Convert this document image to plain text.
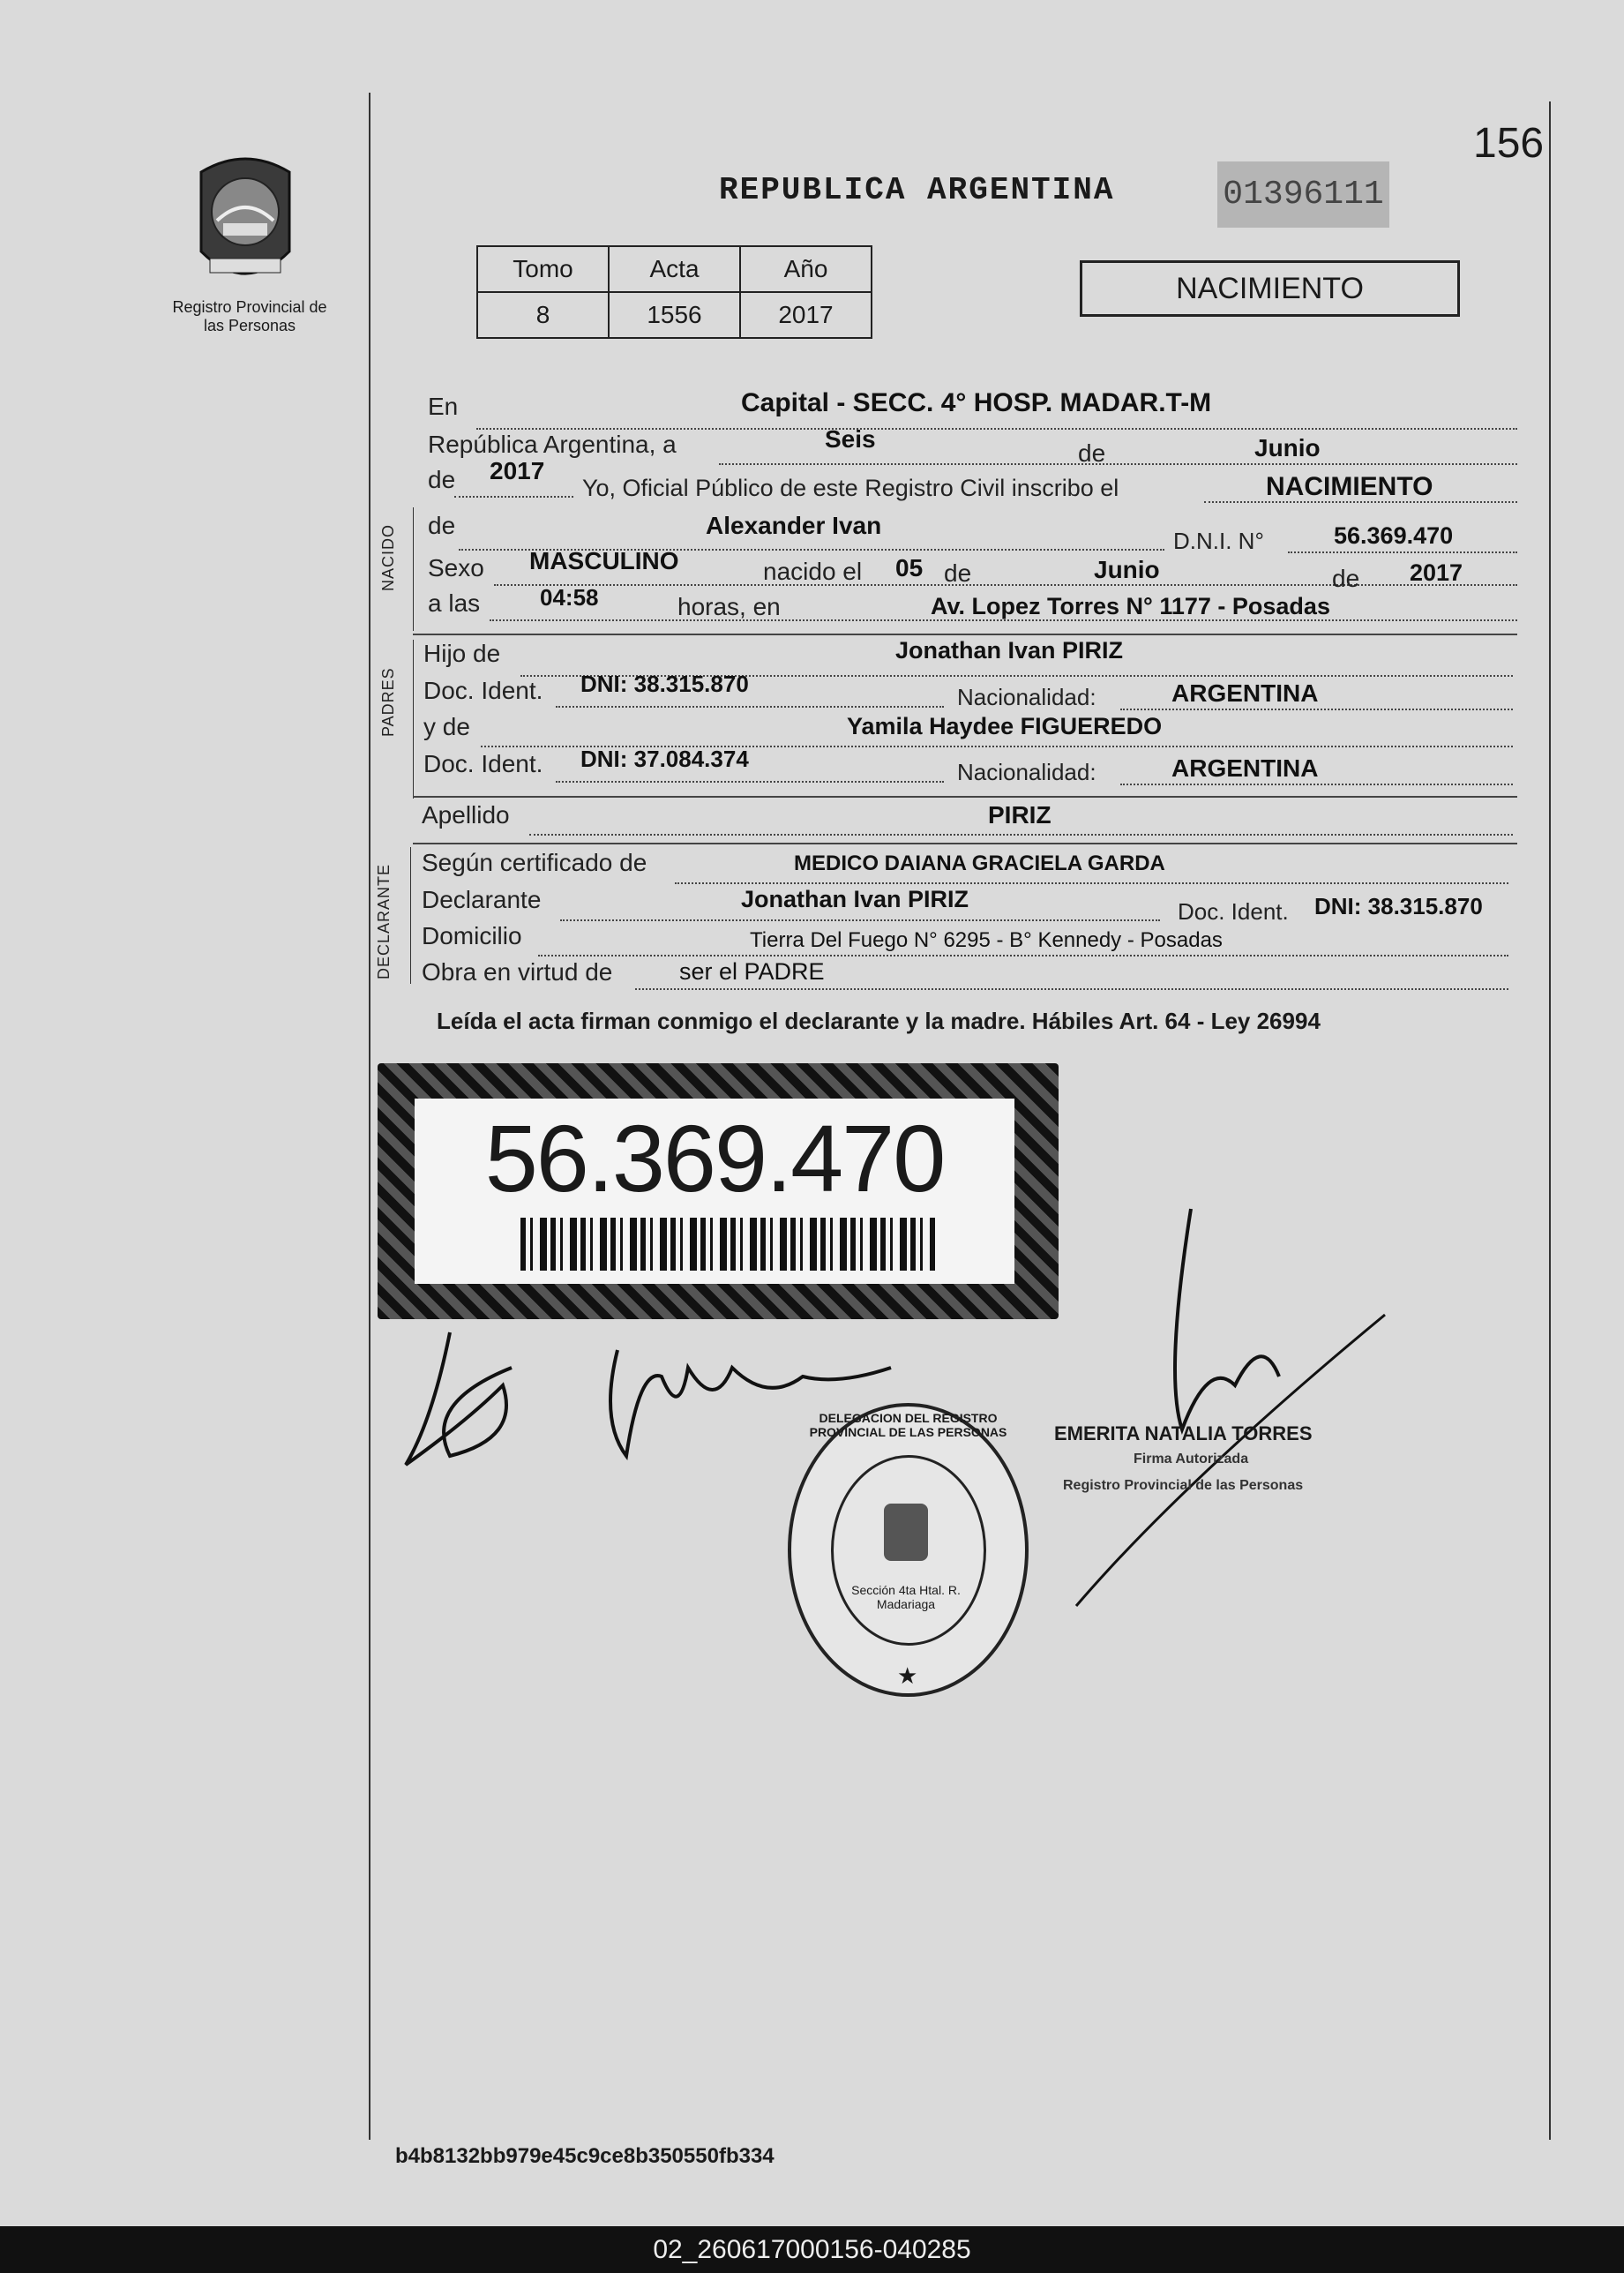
156
Registro Provincial de las Personas
REPUBLICA ARGENTINA	01396111
Tomo	Acta	Año
8	1556	2017
NACIMIENTO
En	Capital - SECC. 4° HOSP. MADAR.T-M
República Argentina, a	Seis
de	Junio
de 2017
Yo, Oficial Público de este Registro Civil inscribo el	NACIMIENTO
NACIDO de	Alexander Ivan
D.N.I. N°	56.369.470
Sexo MASCULINO	nacido el 05 de	Junio	de 2017
a las	04:58	horas, en	Av. Lopez Torres N° 1177 - Posadas
PADRES
Hijo de	Jonathan Ivan PIRIZ
Doc. Ident. DNI: 38.315.870	Nacionalidad:	ARGENTINA
y de	Yamila Haydee FIGUEREDO
Doc. Ident. DNI: 37.084.374	Nacionalidad:	ARGENTINA
Apellido	PIRIZ
DECLARANTE
Según certificado de	MEDICO DAIANA GRACIELA GARDA
Declarante	Jonathan Ivan PIRIZ	Doc. Ident. DNI: 38.315.870
Domicilio	Tierra Del Fuego N° 6295 - B° Kennedy - Posadas
Obra en virtud de	ser el PADRE
Leída el acta firman conmigo el declarante y la madre. Hábiles Art. 64 - Ley 26994
56.369.470
DELEGACION DEL REGISTRO PROVINCIAL DE LAS PERSONAS
Sección 4ta Htal. R. Madariaga
★
EMERITA NATALIA TORRES
Firma Autorizada
Registro Provincial de las Personas
b4b8132bb979e45c9ce8b350550fb334
02_260617000156-040285
